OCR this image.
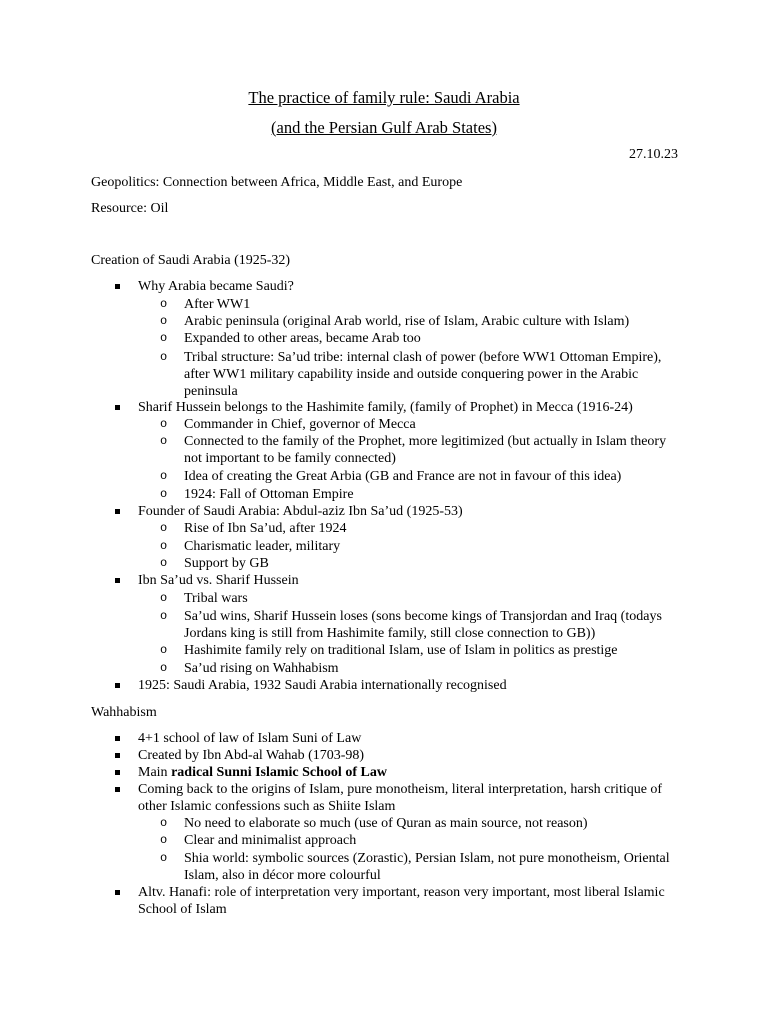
The practice of family rule: Saudi Arabia
(and the Persian Gulf Arab States)
27.10.23
Geopolitics: Connection between Africa, Middle East, and Europe
Resource: Oil
Creation of Saudi Arabia (1925-32)
Why Arabia became Saudi?
o After WW1
o Arabic peninsula (original Arab world, rise of Islam, Arabic culture with Islam)
o Expanded to other areas, became Arab too
o Tribal structure: Sa’ud tribe: internal clash of power (before WW1 Ottoman Empire), after WW1 military capability inside and outside conquering power in the Arabic peninsula
Sharif Hussein belongs to the Hashimite family, (family of Prophet) in Mecca (1916-24)
o Commander in Chief, governor of Mecca
o Connected to the family of the Prophet, more legitimized (but actually in Islam theory not important to be family connected)
o Idea of creating the Great Arbia (GB and France are not in favour of this idea)
o 1924: Fall of Ottoman Empire
Founder of Saudi Arabia: Abdul-aziz Ibn Sa’ud (1925-53)
o Rise of Ibn Sa’ud, after 1924
o Charismatic leader, military
o Support by GB
Ibn Sa’ud vs. Sharif Hussein
o Tribal wars
o Sa’ud wins, Sharif Hussein loses (sons become kings of Transjordan and Iraq (todays Jordans king is still from Hashimite family, still close connection to GB))
o Hashimite family rely on traditional Islam, use of Islam in politics as prestige
o Sa’ud rising on Wahhabism
1925: Saudi Arabia, 1932 Saudi Arabia internationally recognised
Wahhabism
4+1 school of law of Islam Suni of Law
Created by Ibn Abd-al Wahab (1703-98)
Main radical Sunni Islamic School of Law
Coming back to the origins of Islam, pure monotheism, literal interpretation, harsh critique of other Islamic confessions such as Shiite Islam
o No need to elaborate so much (use of Quran as main source, not reason)
o Clear and minimalist approach
o Shia world: symbolic sources (Zorastic), Persian Islam, not pure monotheism, Oriental Islam, also in décor more colourful
Altv. Hanafi: role of interpretation very important, reason very important, most liberal Islamic School of Islam
